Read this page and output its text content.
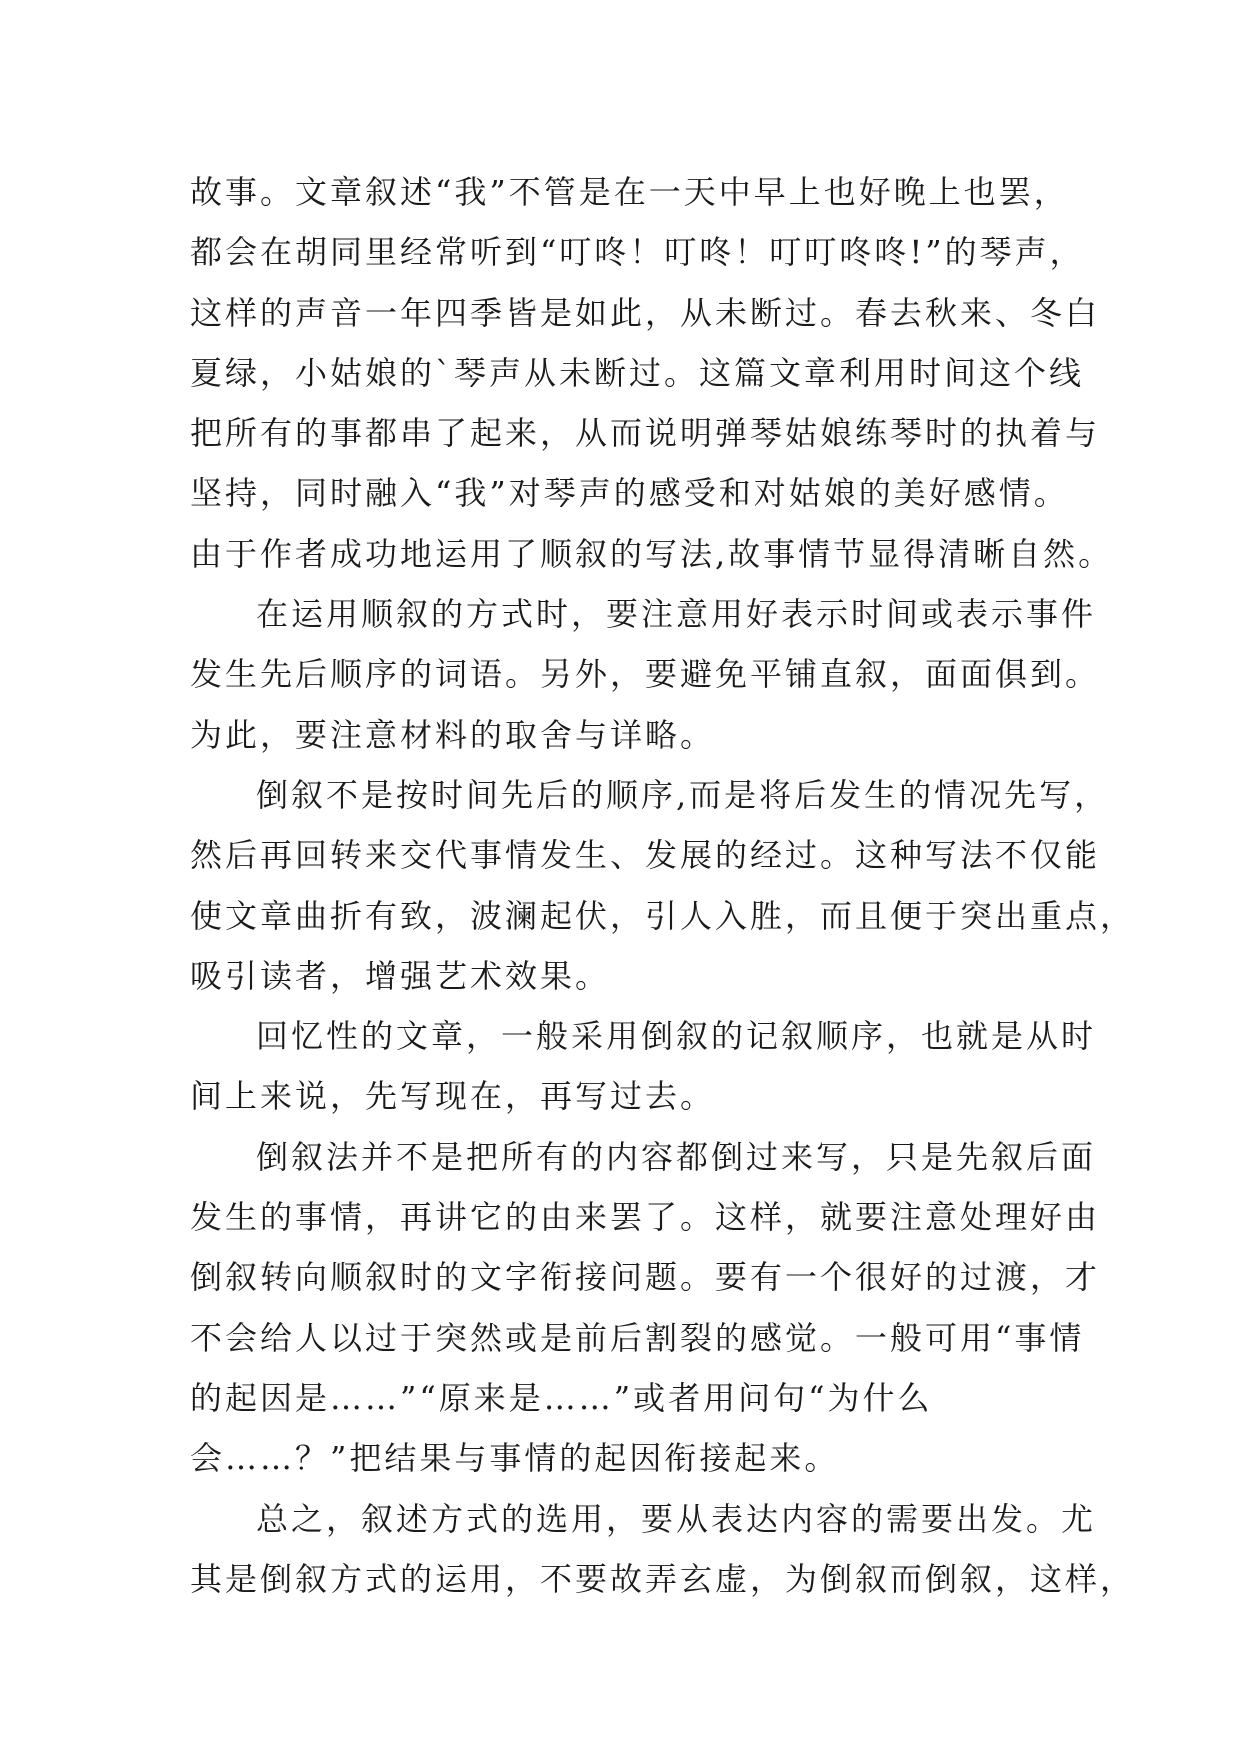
故事。文章叙述“我”不管是在一天中早上也好晚上也罢，
都会在胡同里经常听到“叮咚！叮咚！叮叮咚咚!”的琴声，
这样的声音一年四季皆是如此，从未断过。春去秋来、冬白
夏绿，小姑娘的`琴声从未断过。这篇文章利用时间这个线
把所有的事都串了起来，从而说明弹琴姑娘练琴时的执着与
坚持，同时融入“我”对琴声的感受和对姑娘的美好感情。
由于作者成功地运用了顺叙的写法,故事情节显得清晰自然。

在运用顺叙的方式时，要注意用好表示时间或表示事件
发生先后顺序的词语。另外，要避免平铺直叙，面面俱到。
为此，要注意材料的取舍与详略。

倒叙不是按时间先后的顺序,而是将后发生的情况先写，
然后再回转来交代事情发生、发展的经过。这种写法不仅能
使文章曲折有致，波澜起伏，引人入胜，而且便于突出重点，
吸引读者，增强艺术效果。

回忆性的文章，一般采用倒叙的记叙顺序，也就是从时
间上来说，先写现在，再写过去。

倒叙法并不是把所有的内容都倒过来写，只是先叙后面
发生的事情，再讲它的由来罢了。这样，就要注意处理好由
倒叙转向顺叙时的文字衔接问题。要有一个很好的过渡，才
不会给人以过于突然或是前后割裂的感觉。一般可用“事情
的起因是……”“原来是……”或者用问句“为什么
会……？”把结果与事情的起因衔接起来。

总之，叙述方式的选用，要从表达内容的需要出发。尤
其是倒叙方式的运用，不要故弄玄虚，为倒叙而倒叙，这样，
